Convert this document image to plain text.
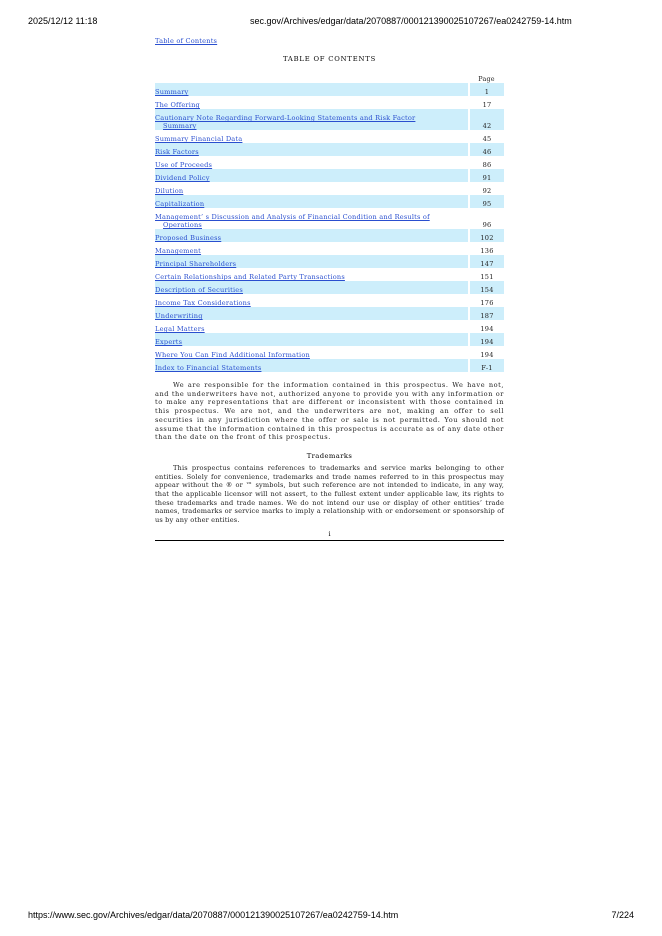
2025/12/12 11:18	sec.gov/Archives/edgar/data/2070887/000121390025107267/ea0242759-14.htm
Table of Contents
TABLE OF CONTENTS
	Page
Summary	1
The Offering	17
Cautionary Note Regarding Forward-Looking Statements and Risk Factor
Summary	42
Summary Financial Data	45
Risk Factors	46
Use of Proceeds	86
Dividend Policy	91
Dilution	92
Capitalization	95
Management’ s Discussion and Analysis of Financial Condition and Results of
Operations	96
Proposed Business	102
Management	136
Principal Shareholders	147
Certain Relationships and Related Party Transactions	151
Description of Securities	154
Income Tax Considerations	176
Underwriting	187
Legal Matters	194
Experts	194
Where You Can Find Additional Information	194
Index to Financial Statements	F-1

We are responsible for the information contained in this prospectus. We have not, and the underwriters have not, authorized anyone to provide you with any information or to make any representations that are different or inconsistent with those contained in this prospectus. We are not, and the underwriters are not, making an offer to sell securities in any jurisdiction where the offer or sale is not permitted. You should not assume that the information contained in this prospectus is accurate as of any date other than the date on the front of this prospectus.

Trademarks

This prospectus contains references to trademarks and service marks belonging to other entities. Solely for convenience, trademarks and trade names referred to in this prospectus may appear without the ® or ™ symbols, but such reference are not intended to indicate, in any way, that the applicable licensor will not assert, to the fullest extent under applicable law, its rights to these trademarks and trade names. We do not intend our use or display of other entities’ trade names, trademarks or service marks to imply a relationship with or endorsement or sponsorship of us by any other entities.

i
https://www.sec.gov/Archives/edgar/data/2070887/000121390025107267/ea0242759-14.htm	7/224
